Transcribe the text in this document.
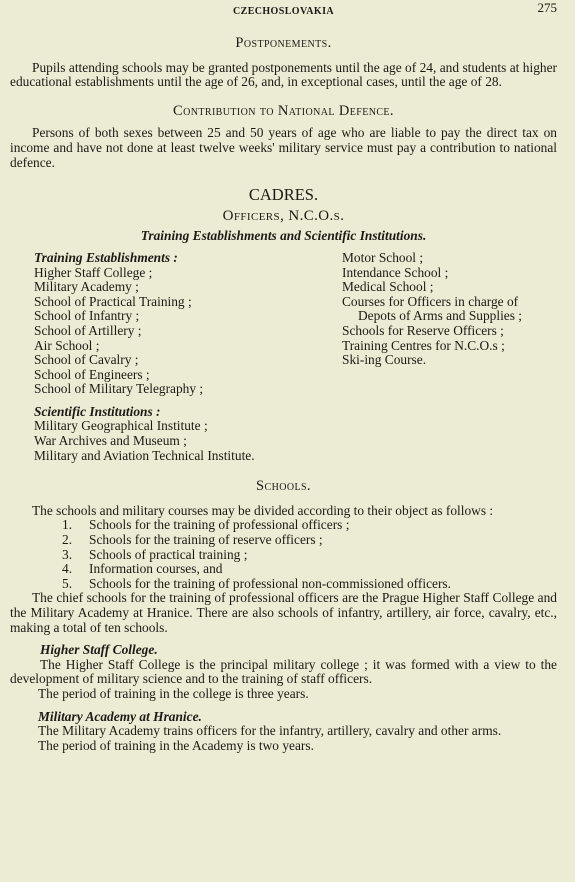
CZECHOSLOVAKIA	275
Postponements.

Pupils attending schools may be granted postponements until the age of 24, and students at higher educational establishments until the age of 26, and, in exceptional cases, until the age of 28.

Contribution to National Defence.

Persons of both sexes between 25 and 50 years of age who are liable to pay the direct tax on income and have not done at least twelve weeks' military service must pay a contribution to national defence.

CADRES.
Officers, N.C.O.s.

Training Establishments and Scientific Institutions.

Training Establishments :

Higher Staff College ;
Military Academy ;
School of Practical Training ;
School of Infantry ;
School of Artillery ;
Air School ;
School of Cavalry ;
School of Engineers ;
School of Military Telegraphy ;
Motor School ;
Intendance School ;
Medical School ;
Courses for Officers in charge of
Depots of Arms and Supplies ;
Schools for Reserve Officers ;
Training Centres for N.C.O.s ;
Ski-ing Course.

Scientific Institutions :

Military Geographical Institute ;
War Archives and Museum ;
Military and Aviation Technical Institute.
Schools.

The schools and military courses may be divided according to their object as follows :

1.	Schools for the training of professional officers ;
2.	Schools for the training of reserve officers ;
3.	Schools of practical training ;
4.	Information courses, and
5.	Schools for the training of professional non-commissioned officers.

The chief schools for the training of professional officers are the Prague Higher Staff College and the Military Academy at Hranice. There are also schools of infantry, artillery, air force, cavalry, etc., making a total of ten schools.

Higher Staff College.

The Higher Staff College is the principal military college ; it was formed with a view to the development of military science and to the training of staff officers.

The period of training in the college is three years.

Military Academy at Hranice.

The Military Academy trains officers for the infantry, artillery, cavalry and other arms.

The period of training in the Academy is two years.
